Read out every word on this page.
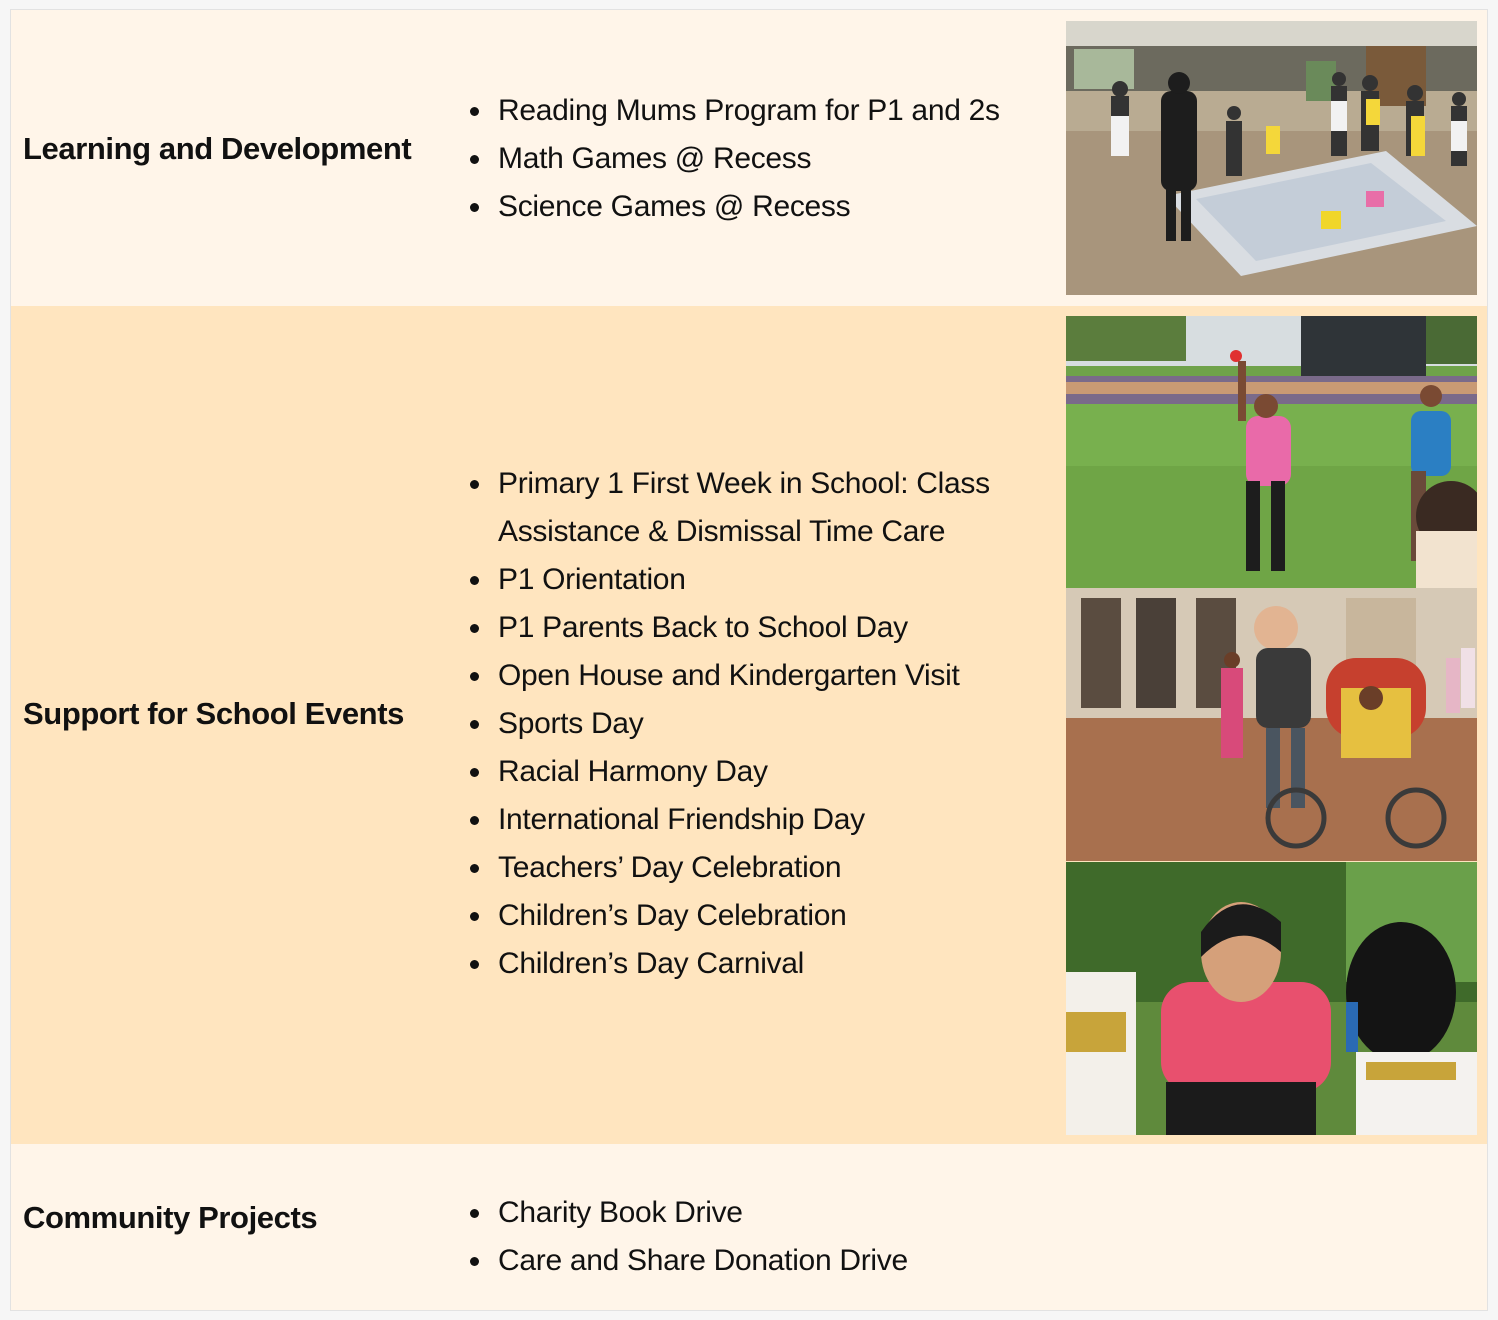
Learning and Development
Reading Mums Program for P1 and 2s
Math Games @ Recess
Science Games @ Recess
Support for School Events
Primary 1 First Week in School: Class Assistance & Dismissal Time Care
P1 Orientation
P1 Parents Back to School Day
Open House and Kindergarten Visit
Sports Day
Racial Harmony Day
International Friendship Day
Teachers’ Day Celebration
Children’s Day Celebration
Children’s Day Carnival
Community Projects	Charity Book Drive
Care and Share Donation Drive
